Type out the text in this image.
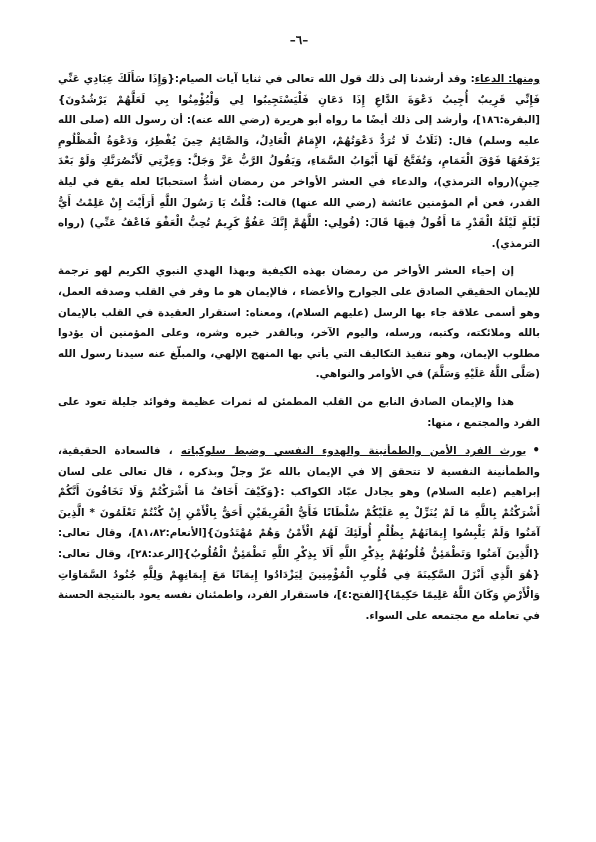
–٦–

ومنها: الدعاء: وقد أرشدنا إلى ذلك قول الله تعالى في ثنايا آيات الصيام:{وَإِذَا سَأَلَكَ عِبَادِي عَنِّي فَإِنِّي قَرِيبٌ أُجِيبُ دَعْوَةَ الدَّاعِ إِذَا دَعَانِ فَلْيَسْتَجِيبُوا لِي وَلْيُؤْمِنُوا بِي لَعَلَّهُمْ يَرْشُدُونَ} [البقرة:١٨٦]، وأرشد إلى ذلك أيضًا ما رواه أبو هريرة (رضي الله عنه): أن رسول الله (صلى الله عليه وسلم) قال: (ثَلَاثٌ لَا تُرَدُّ دَعْوَتُهُمْ، الإِمَامُ الْعَادِلُ، وَالصَّائِمُ حِينَ يُفْطِرُ، وَدَعْوَةُ الْمَظْلُومِ يَرْفَعُهَا فَوْقَ الْغَمَامِ، وَتُفَتَّحُ لَهَا أَبْوَابُ السَّمَاءِ، وَيَقُولُ الرَّبُّ عَزَّ وَجَلَّ: وَعِزَّتِي لَأَنْصُرَنَّكِ وَلَوْ بَعْدَ حِينٍ)(رواه الترمذي)، والدعاء في العشر الأواخر من رمضان أشدُّ استحبابًا لعله يقع في ليلة القدر، فعن أم المؤمنين عائشة (رضي الله عنها) قالت: قُلْتُ يَا رَسُولَ اللَّهِ أَرَأَيْتَ إِنْ عَلِمْتُ أَيُّ لَيْلَةٍ لَيْلَةُ الْقَدْرِ مَا أَقُولُ فِيهَا قَالَ: (قُولِي: اللَّهُمَّ إِنَّكَ عَفُوٌّ كَرِيمٌ تُحِبُّ الْعَفْوَ فَاعْفُ عَنِّي) (رواه الترمذي).

إن إحياء العشر الأواخر من رمضان بهذه الكيفية وبهذا الهدي النبوي الكريم لهو ترجمة للإيمان الحقيقي الصادق على الجوارح والأعضاء ، فالإيمان هو ما وقر في القلب وصدقه العمل، وهو أسمى علاقة جاء بها الرسل (عليهم السلام)، ومعناه: استقرار العقيدة في القلب بالإيمان بالله وملائكته، وكتبه، ورسله، واليوم الآخر، وبالقدر خيره وشره، وعلى المؤمنين أن يؤدوا مطلوب الإيمان، وهو تنفيذ التكاليف التي يأتي بها المنهج الإلهي، والمبلّغ عنه سيدنا رسول الله (صَلَّى اللَّهُ عَلَيْهِ وَسَلَّمَ) في الأوامر والنواهي.

هذا والإيمان الصادق النابع من القلب المطمئن له ثمرات عظيمة وفوائد جليلة تعود على الفرد والمجتمع ، منها:

•يورث الفرد الأمن والطمأنينة والهدوء النفسي وضبط سلوكياته ، فالسعادة الحقيقية، والطمأنينة النفسية لا تتحقق إلا في الإيمان بالله عزّ وجلّ وبذكره ، قال تعالى على لسان إبراهيم (عليه السلام) وهو يجادل عبّاد الكواكب :{وَكَيْفَ أَخَافُ مَا أَشْرَكْتُمْ وَلَا تَخَافُونَ أَنَّكُمْ أَشْرَكْتُمْ بِاللَّهِ مَا لَمْ يُنَزِّلْ بِهِ عَلَيْكُمْ سُلْطَانًا فَأَيُّ الْفَرِيقَيْنِ أَحَقُّ بِالْأَمْنِ إِنْ كُنْتُمْ تَعْلَمُونَ * الَّذِينَ آمَنُوا وَلَمْ يَلْبِسُوا إِيمَانَهُمْ بِظُلْمٍ أُولَئِكَ لَهُمُ الْأَمْنُ وَهُمْ مُهْتَدُونَ}[الأنعام:٨١،٨٢]، وقال تعالى:{الَّذِينَ آمَنُوا وَتَطْمَئِنُّ قُلُوبُهُمْ بِذِكْرِ اللَّهِ أَلَا بِذِكْرِ اللَّهِ تَطْمَئِنُّ الْقُلُوبُ}[الرعد:٢٨]، وقال تعالى:{هُوَ الَّذِي أَنْزَلَ السَّكِينَةَ فِي قُلُوبِ الْمُؤْمِنِينَ لِيَزْدَادُوا إِيمَانًا مَعَ إِيمَانِهِمْ وَلِلَّهِ جُنُودُ السَّمَاوَاتِ وَالْأَرْضِ وَكَانَ اللَّهُ عَلِيمًا حَكِيمًا}[الفتح:٤]، فاستقرار الفرد، واطمئنان نفسه يعود بالنتيجة الحسنة في تعامله مع مجتمعه على السواء.
